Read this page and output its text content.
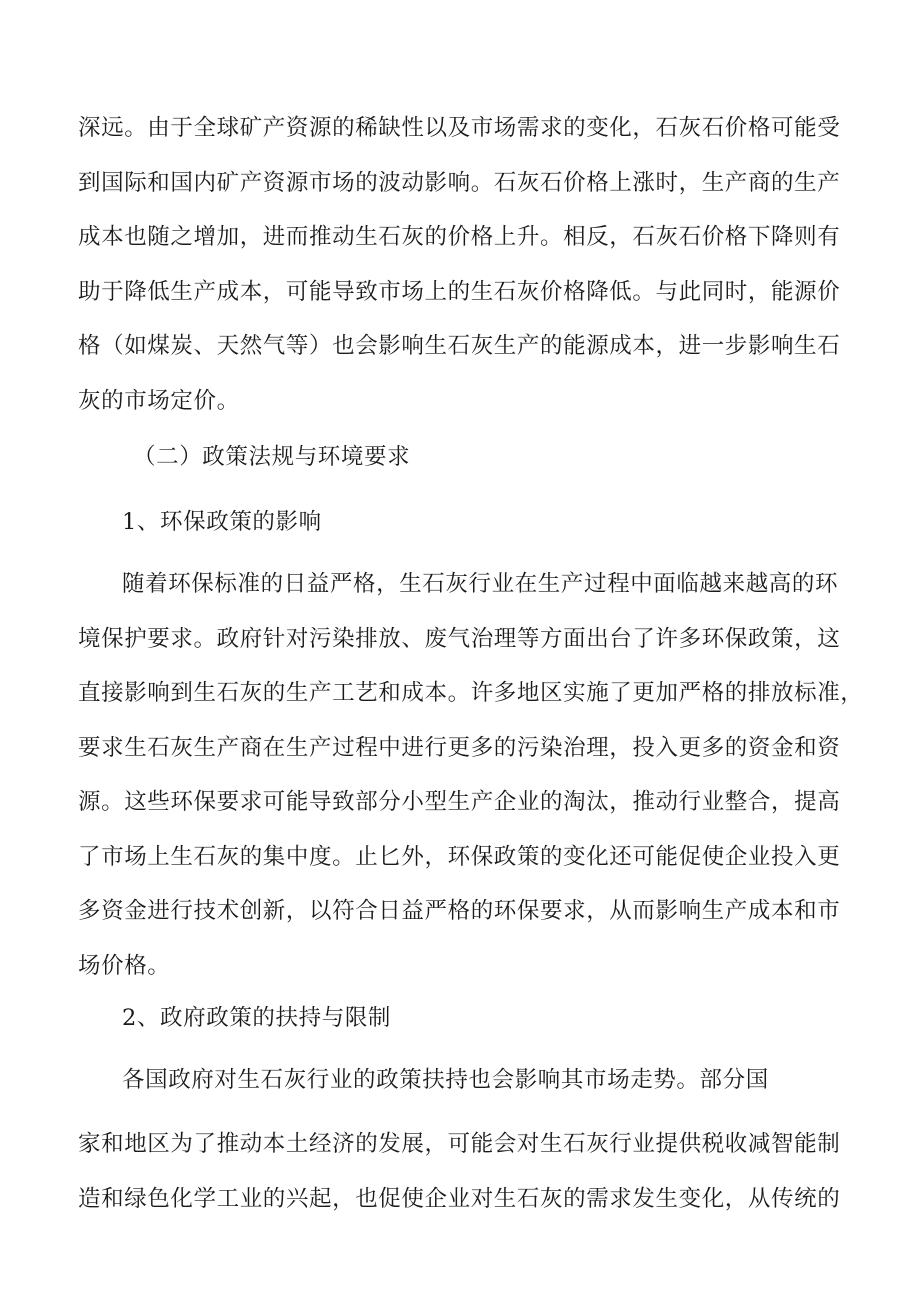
深远。由于全球矿产资源的稀缺性以及市场需求的变化，石灰石价格可能受
到国际和国内矿产资源市场的波动影响。石灰石价格上涨时，生产商的生产
成本也随之增加，进而推动生石灰的价格上升。相反，石灰石价格下降则有
助于降低生产成本，可能导致市场上的生石灰价格降低。与此同时，能源价
格（如煤炭、天然气等）也会影响生石灰生产的能源成本，进一步影响生石
灰的市场定价。
（二）政策法规与环境要求
1、环保政策的影响
随着环保标准的日益严格，生石灰行业在生产过程中面临越来越高的环
境保护要求。政府针对污染排放、废气治理等方面出台了许多环保政策，这
直接影响到生石灰的生产工艺和成本。许多地区实施了更加严格的排放标准，
要求生石灰生产商在生产过程中进行更多的污染治理，投入更多的资金和资
源。这些环保要求可能导致部分小型生产企业的淘汰，推动行业整合，提高
了市场上生石灰的集中度。止匕外，环保政策的变化还可能促使企业投入更
多资金进行技术创新，以符合日益严格的环保要求，从而影响生产成本和市
场价格。
2、政府政策的扶持与限制
各国政府对生石灰行业的政策扶持也会影响其市场走势。部分国
家和地区为了推动本土经济的发展，可能会对生石灰行业提供税收减智能制
造和绿色化学工业的兴起，也促使企业对生石灰的需求发生变化，从传统的
